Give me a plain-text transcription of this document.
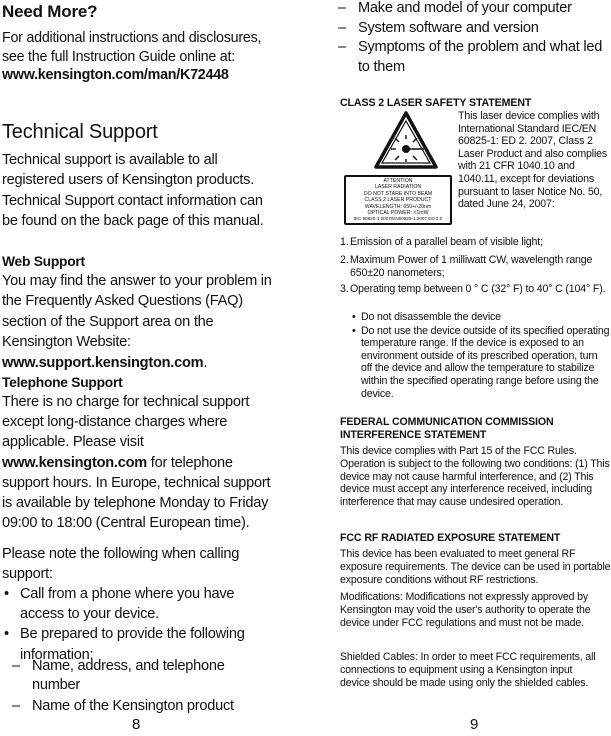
Need More?
For additional instructions and disclosures, see the full Instruction Guide online at:
www.kensington.com/man/K72448
Technical Support
Technical support is available to all registered users of Kensington products. Technical Support contact information can be found on the back page of this manual.
Web Support
You may find the answer to your problem in the Frequently Asked Questions (FAQ) section of the Support area on the Kensington Website: www.support.kensington.com.
Telephone Support
There is no charge for technical support except long-distance charges where applicable. Please visit www.kensington.com for telephone support hours. In Europe, technical support is available by telephone Monday to Friday 09:00 to 18:00 (Central European time).
Please note the following when calling support:
• Call from a phone where you have access to your device.
• Be prepared to provide the following information:
– Name, address, and telephone number
– Name of the Kensington product
8
– Make and model of your computer
– System software and version
– Symptoms of the problem and what led to them
CLASS 2 LASER SAFETY STATEMENT
ATTENTION
LASER RADIATION
DO NOT STARE INTO BEAM
CLASS 2 LASER PRODUCT
WAVELENGTH: 650+/-20nm
OPTICAL POWER: <1mW
IEC 60825-1:2007/EN60825-1:2007 ED 2.0
This laser device complies with International Standard IEC/EN 60825-1: ED 2. 2007, Class 2 Laser Product and also complies with 21 CFR 1040.10 and 1040.11, except for deviations pursuant to laser Notice No. 50, dated June 24, 2007:
1. Emission of a parallel beam of visible light;
2. Maximum Power of 1 milliwatt CW, wavelength range 650±20 nanometers;
3. Operating temp between 0 ° C (32° F) to 40° C (104° F).
• Do not disassemble the device
• Do not use the device outside of its specified operating temperature range. If the device is exposed to an environment outside of its prescribed operation, turn off the device and allow the temperature to stabilize within the specified operating range before using the device.
FEDERAL COMMUNICATION COMMISSION INTERFERENCE STATEMENT
This device complies with Part 15 of the FCC Rules. Operation is subject to the following two conditions: (1) This device may not cause harmful interference, and (2) This device must accept any interference received, including interference that may cause undesired operation.
FCC RF RADIATED EXPOSURE STATEMENT
This device has been evaluated to meet general RF exposure requirements. The device can be used in portable exposure conditions without RF restrictions.
Modifications: Modifications not expressly approved by Kensington may void the user's authority to operate the device under FCC regulations and must not be made.
Shielded Cables: In order to meet FCC requirements, all connections to equipment using a Kensington input device should be made using only the shielded cables.
9
